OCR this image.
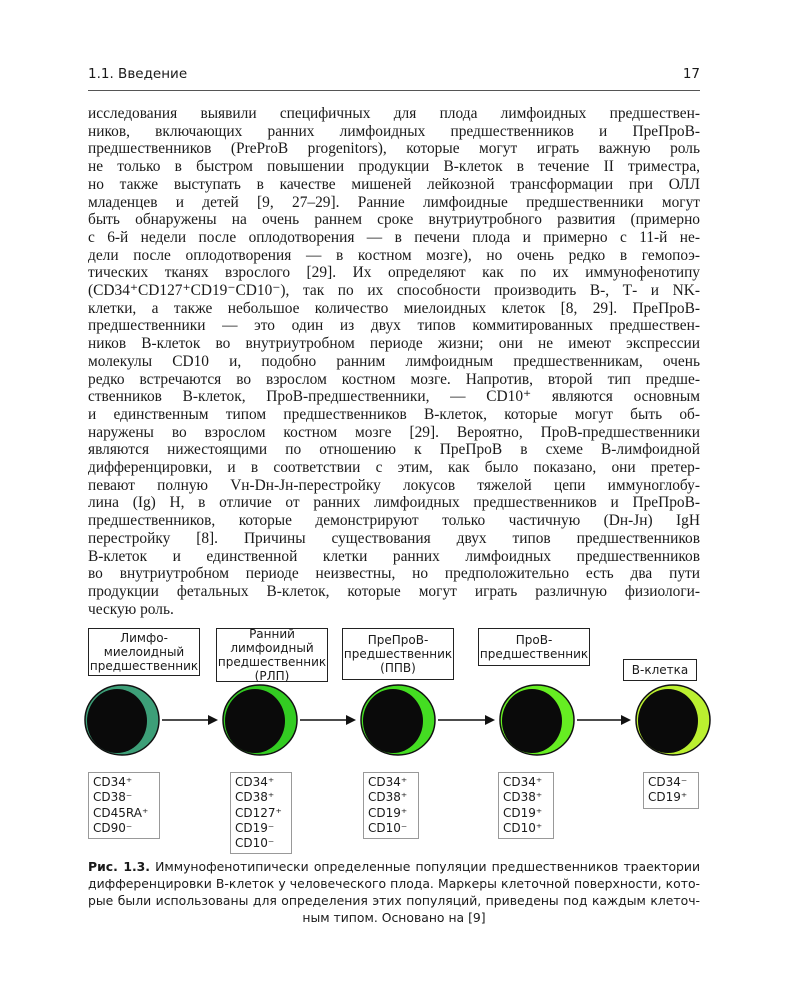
1.1. Введение	17
исследования выявили специфичных для плода лимфоидных предшествен-
ников, включающих ранних лимфоидных предшественников и ПреПроВ-
предшественников (PreProB progenitors), которые могут играть важную роль
не только в быстром повышении продукции В-клеток в течение II триместра,
но также выступать в качестве мишеней лейкозной трансформации при ОЛЛ
младенцев и детей [9, 27–29]. Ранние лимфоидные предшественники могут
быть обнаружены на очень раннем сроке внутриутробного развития (примерно
с 6-й недели после оплодотворения — в печени плода и примерно с 11-й не-
дели после оплодотворения — в костном мозге), но очень редко в гемопоэ-
тических тканях взрослого [29]. Их определяют как по их иммунофенотипу
(CD34⁺CD127⁺CD19⁻CD10⁻), так по их способности производить В-, Т- и NK-
клетки, а также небольшое количество миелоидных клеток [8, 29]. ПреПроВ-
предшественники — это один из двух типов коммитированных предшествен-
ников В-клеток во внутриутробном периоде жизни; они не имеют экспрессии
молекулы CD10 и, подобно ранним лимфоидным предшественникам, очень
редко встречаются во взрослом костном мозге. Напротив, второй тип предше-
ственников В-клеток, ПроВ-предшественники, — CD10⁺ являются основным
и единственным типом предшественников В-клеток, которые могут быть об-
наружены во взрослом костном мозге [29]. Вероятно, ПроВ-предшественники
являются нижестоящими по отношению к ПреПроВ в схеме В-лимфоидной
дифференцировки, и в соответствии с этим, как было показано, они претер-
певают полную Vн-Dн-Jн-перестройку локусов тяжелой цепи иммуноглобу-
лина (Ig) H, в отличие от ранних лимфоидных предшественников и ПреПроВ-
предшественников, которые демонстрируют только частичную (Dн-Jн) IgH
перестройку [8]. Причины существования двух типов предшественников
В-клеток и единственной клетки ранних лимфоидных предшественников
во внутриутробном периоде неизвестны, но предположительно есть два пути
продукции фетальных В-клеток, которые могут играть различную физиологи-
ческую роль.
Лимфо-
миелоидный
предшественник
CD34⁺
CD38⁻
CD45RA⁺
CD90⁻
Ранний
лимфоидный
предшественник
(РЛП)
CD34⁺
CD38⁺
CD127⁺
CD19⁻
CD10⁻
ПреПроВ-
предшественник
(ППВ)
CD34⁺
CD38⁺
CD19⁺
CD10⁻
ПроВ-
предшественник
CD34⁺
CD38⁺
CD19⁺
CD10⁺
В-клетка
CD34⁻
CD19⁺
Рис. 1.3. Иммунофенотипически определенные популяции предшественников траектории
дифференцировки В-клеток у человеческого плода. Маркеры клеточной поверхности, кото-
рые были использованы для определения этих популяций, приведены под каждым клеточ-
ным типом. Основано на [9]
